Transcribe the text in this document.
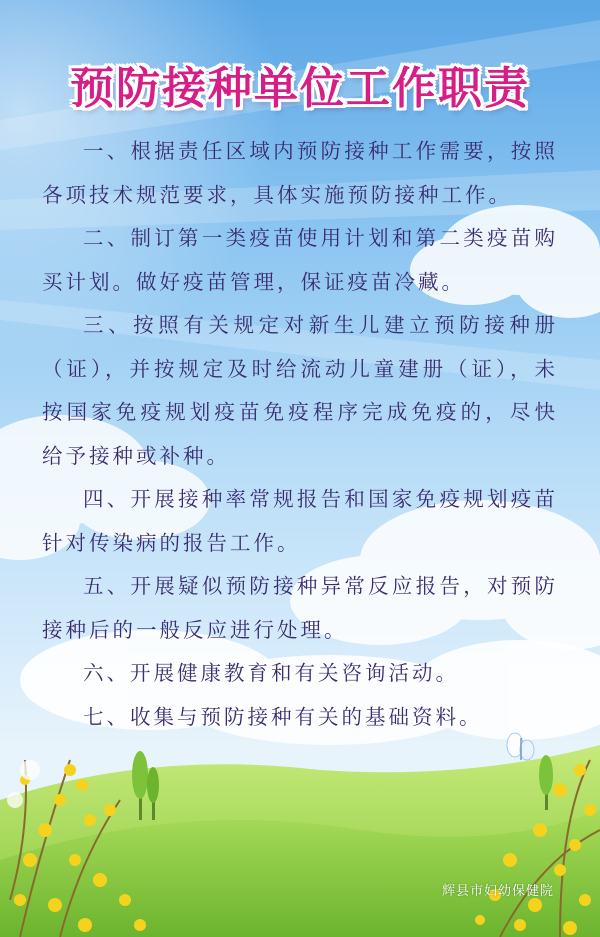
预防接种单位工作职责

一、根据责任区域内预防接种工作需要，按照各项技术规范要求，具体实施预防接种工作。

二、制订第一类疫苗使用计划和第二类疫苗购买计划。做好疫苗管理，保证疫苗冷藏。

三、按照有关规定对新生儿建立预防接种册（证），并按规定及时给流动儿童建册（证），未按国家免疫规划疫苗免疫程序完成免疫的，尽快给予接种或补种。

四、开展接种率常规报告和国家免疫规划疫苗针对传染病的报告工作。

五、开展疑似预防接种异常反应报告，对预防接种后的一般反应进行处理。

六、开展健康教育和有关咨询活动。

七、收集与预防接种有关的基础资料。

辉县市妇幼保健院
